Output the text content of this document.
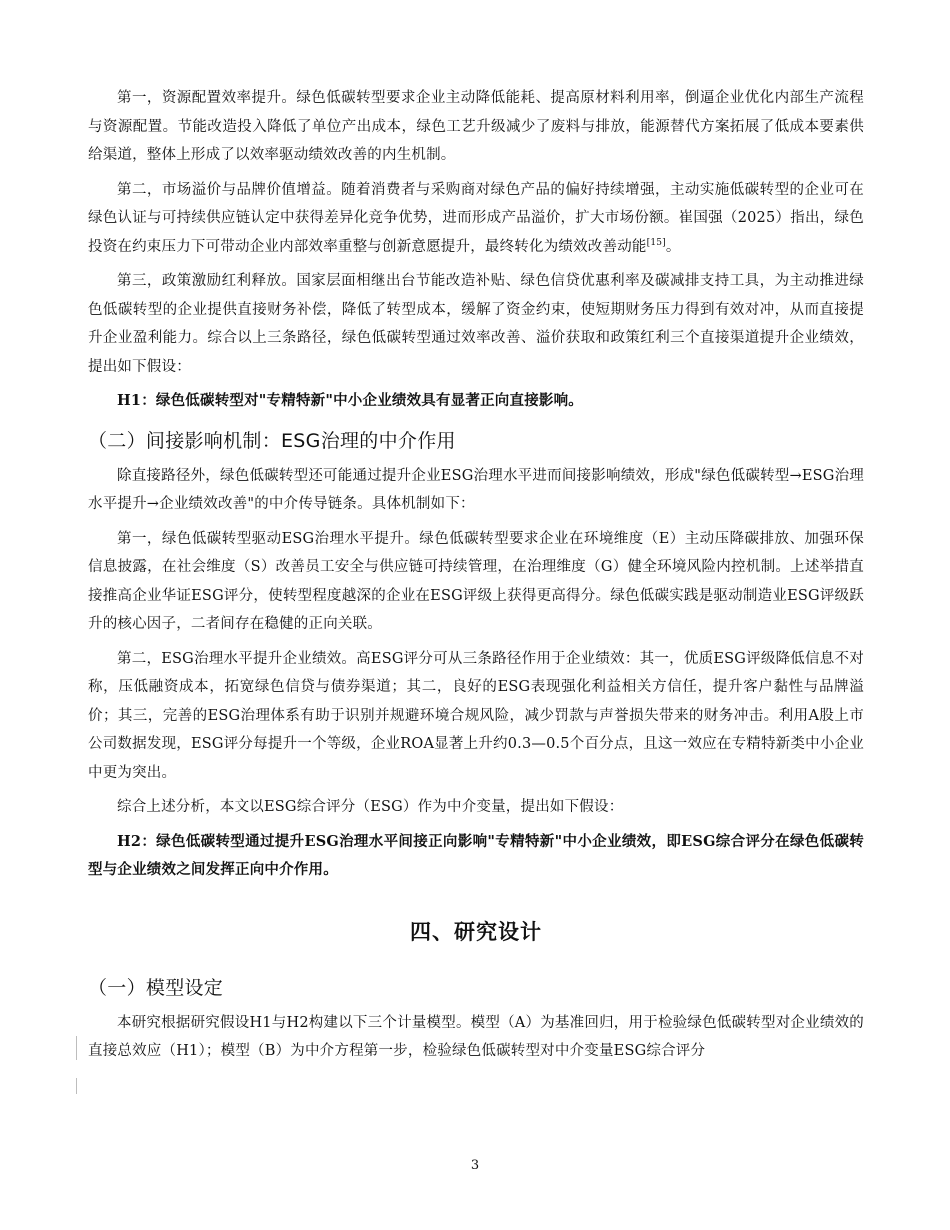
第一，资源配置效率提升。绿色低碳转型要求企业主动降低能耗、提高原材料利用率，倒逼企业优化内部生产流程与资源配置。节能改造投入降低了单位产出成本，绿色工艺升级减少了废料与排放，能源替代方案拓展了低成本要素供给渠道，整体上形成了以效率驱动绩效改善的内生机制。

第二，市场溢价与品牌价值增益。随着消费者与采购商对绿色产品的偏好持续增强，主动实施低碳转型的企业可在绿色认证与可持续供应链认定中获得差异化竞争优势，进而形成产品溢价，扩大市场份额。崔国强（2025）指出，绿色投资在约束压力下可带动企业内部效率重整与创新意愿提升，最终转化为绩效改善动能[15]。

第三，政策激励红利释放。国家层面相继出台节能改造补贴、绿色信贷优惠利率及碳减排支持工具，为主动推进绿色低碳转型的企业提供直接财务补偿，降低了转型成本，缓解了资金约束，使短期财务压力得到有效对冲，从而直接提升企业盈利能力。综合以上三条路径，绿色低碳转型通过效率改善、溢价获取和政策红利三个直接渠道提升企业绩效，提出如下假设：

H1：绿色低碳转型对"专精特新"中小企业绩效具有显著正向直接影响。

（二）间接影响机制：ESG治理的中介作用

除直接路径外，绿色低碳转型还可能通过提升企业ESG治理水平进而间接影响绩效，形成"绿色低碳转型→ESG治理水平提升→企业绩效改善"的中介传导链条。具体机制如下：

第一，绿色低碳转型驱动ESG治理水平提升。绿色低碳转型要求企业在环境维度（E）主动压降碳排放、加强环保信息披露，在社会维度（S）改善员工安全与供应链可持续管理，在治理维度（G）健全环境风险内控机制。上述举措直接推高企业华证ESG评分，使转型程度越深的企业在ESG评级上获得更高得分。绿色低碳实践是驱动制造业ESG评级跃升的核心因子，二者间存在稳健的正向关联。

第二，ESG治理水平提升企业绩效。高ESG评分可从三条路径作用于企业绩效：其一，优质ESG评级降低信息不对称，压低融资成本，拓宽绿色信贷与债券渠道；其二，良好的ESG表现强化利益相关方信任，提升客户黏性与品牌溢价；其三，完善的ESG治理体系有助于识别并规避环境合规风险，减少罚款与声誉损失带来的财务冲击。利用A股上市公司数据发现，ESG评分每提升一个等级，企业ROA显著上升约0.3—0.5个百分点，且这一效应在专精特新类中小企业中更为突出。

综合上述分析，本文以ESG综合评分（ESG）作为中介变量，提出如下假设：

H2：绿色低碳转型通过提升ESG治理水平间接正向影响"专精特新"中小企业绩效，即ESG综合评分在绿色低碳转型与企业绩效之间发挥正向中介作用。

四、研究设计
（一）模型设定

本研究根据研究假设H1与H2构建以下三个计量模型。模型（A）为基准回归，用于检验绿色低碳转型对企业绩效的直接总效应（H1）；模型（B）为中介方程第一步，检验绿色低碳转型对中介变量ESG综合评分

3
